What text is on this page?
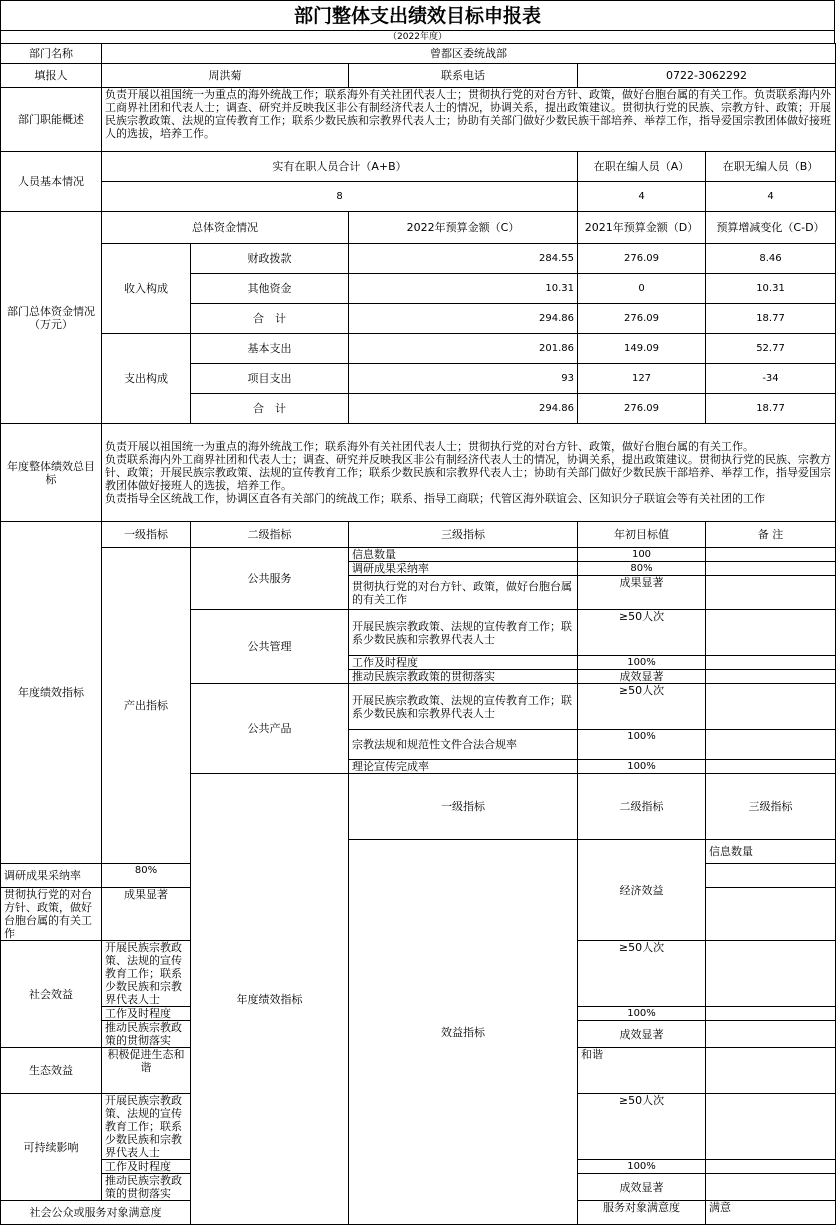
部门整体支出绩效目标申报表
（2022年度）
部门名称	曾都区委统战部					
填报人	周洪菊		联系电话	0722-3062292		
部门职能概述	负责开展以祖国统一为重点的海外统战工作；联系海外有关社团代表人士；贯彻执行党的对台方针、政策，做好台胞台属的有关工作。负责联系海内外工商界社团和代表人士；调查、研究并反映我区非公有制经济代表人士的情况，协调关系，提出政策建议。贯彻执行党的民族、宗教方针、政策；开展民族宗教政策、法规的宣传教育工作；联系少数民族和宗教界代表人士；协助有关部门做好少数民族干部培养、举荐工作，指导爱国宗教团体做好接班人的选拔，培养工作。					
人员基本情况	实有在职人员合计（A+B）			在职在编人员（A）	在职无编人员（B）	
	8			4	4	
部门总体资金情况（万元）	总体资金情况		2022年预算金额（C）	2021年预算金额（D）	预算增减变化（C-D）	
	收入构成	财政拨款	284.55	276.09	8.46	
		其他资金	10.31	0	10.31	
		合　计	294.86	276.09	18.77	
	支出构成	基本支出	201.86	149.09	52.77	
		项目支出	93	127	-34	
		合　计	294.86	276.09	18.77	
年度整体绩效总目标	负责开展以祖国统一为重点的海外统战工作；联系海外有关社团代表人士；贯彻执行党的对台方针、政策，做好台胞台属的有关工作。
负责联系海内外工商界社团和代表人士；调查、研究并反映我区非公有制经济代表人士的情况，协调关系，提出政策建议。贯彻执行党的民族、宗教方针、政策；开展民族宗教政策、法规的宣传教育工作；联系少数民族和宗教界代表人士；协助有关部门做好少数民族干部培养、举荐工作，指导爱国宗教团体做好接班人的选拔，培养工作。
负责指导全区统战工作，协调区直各有关部门的统战工作；联系、指导工商联；代管区海外联谊会、区知识分子联谊会等有关社团的工作					

年度绩效指标	一级指标	二级指标	三级指标	年初目标值	备 注	
	产出指标	公共服务	信息数量	100		
			调研成果采纳率	80%		
			贯彻执行党的对台方针、政策，做好台胞台属的有关工作	成果显著		
		公共管理	开展民族宗教政策、法规的宣传教育工作；联系少数民族和宗教界代表人士	≥50人次		
			工作及时程度	100%		
			推动民族宗教政策的贯彻落实	成效显著		
		公共产品	开展民族宗教政策、法规的宣传教育工作；联系少数民族和宗教界代表人士	≥50人次		
			宗教法规和规范性文件合法合规率	100%		
			理论宣传完成率	100%		
		年度绩效指标	一级指标	二级指标	三级指标		
			效益指标	经济效益	信息数量		
调研成果采纳率	80%					
贯彻执行党的对台方针、政策，做好台胞台属的有关工作	成果显著					
社会效益	开展民族宗教政策、法规的宣传教育工作；联系少数民族和宗教界代表人士			≥50人次		
	工作及时程度			100%		
	推动民族宗教政策的贯彻落实			成效显著		
生态效益	积极促进生态和谐			和谐		
可持续影响	开展民族宗教政策、法规的宣传教育工作；联系少数民族和宗教界代表人士			≥50人次		
	工作及时程度			100%		
	推动民族宗教政策的贯彻落实			成效显著		
社会公众或服务对象满意度				服务对象满意度	满意	
